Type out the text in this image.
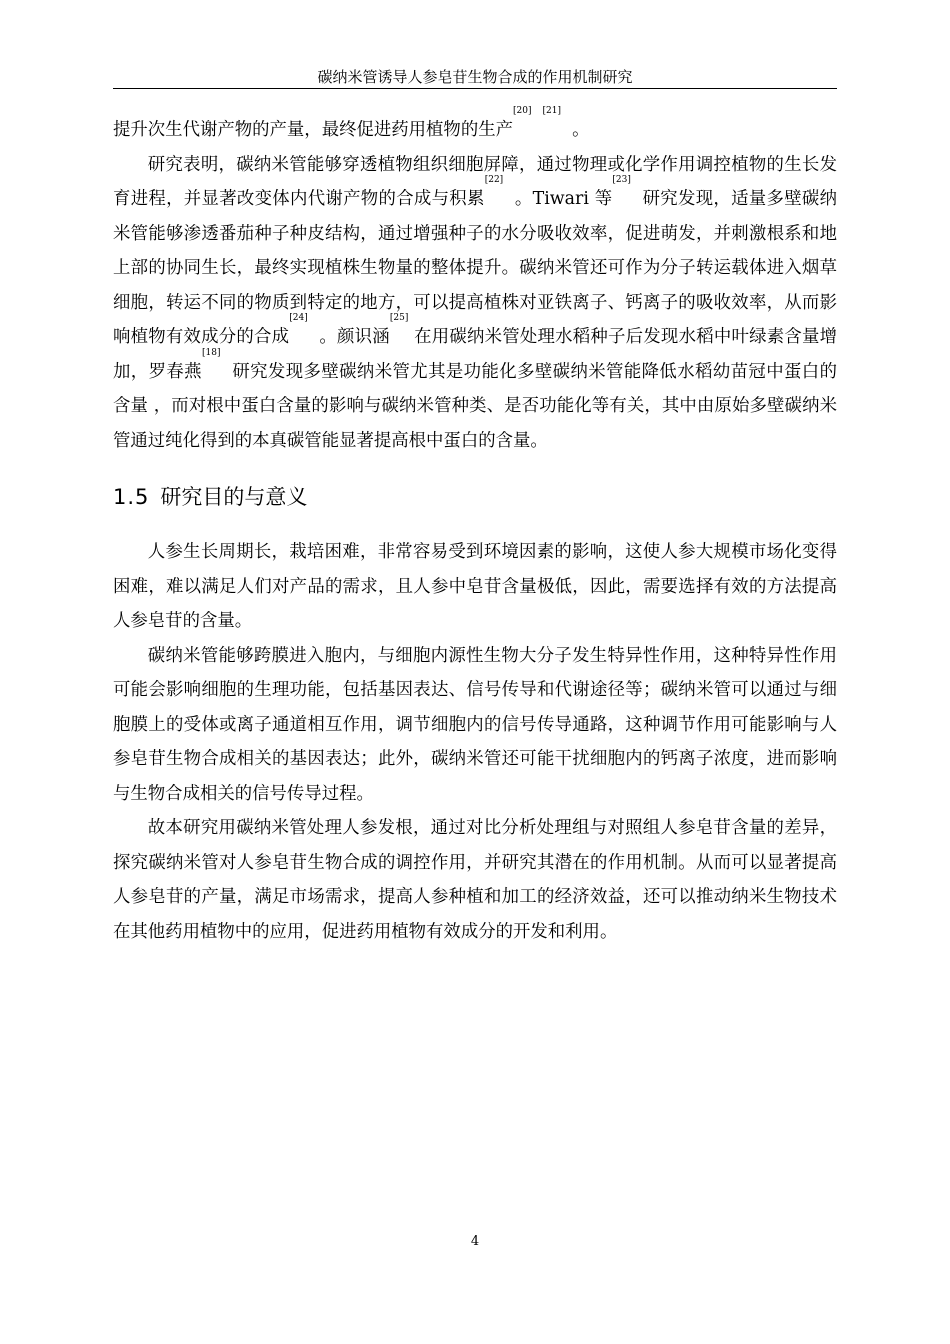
碳纳米管诱导人参皂苷生物合成的作用机制研究

提升次生代谢产物的产量，最终促进药用植物的生产[20] [21]  。

研究表明，碳纳米管能够穿透植物组织细胞屏障，通过物理或化学作用调控植物的生长发育进程，并显著改变体内代谢产物的合成与积累[22]  。Tiwari 等[23]  研究发现，适量多壁碳纳米管能够渗透番茄种子种皮结构，通过增强种子的水分吸收效率，促进萌发，并刺激根系和地上部的协同生长，最终实现植株生物量的整体提升。碳纳米管还可作为分子转运载体进入烟草细胞，转运不同的物质到特定的地方，可以提高植株对亚铁离子、钙离子的吸收效率，从而影响植物有效成分的合成[24]  。颜识涵[25] 在用碳纳米管处理水稻种子后发现水稻中叶绿素含量增加，罗春燕[18]  研究发现多壁碳纳米管尤其是功能化多壁碳纳米管能降低水稻幼苗冠中蛋白的含量 ，而对根中蛋白含量的影响与碳纳米管种类、是否功能化等有关，其中由原始多壁碳纳米管通过纯化得到的本真碳管能显著提高根中蛋白的含量。

1.5 研究目的与意义

人参生长周期长，栽培困难，非常容易受到环境因素的影响，这使人参大规模市场化变得困难，难以满足人们对产品的需求，且人参中皂苷含量极低，因此，需要选择有效的方法提高人参皂苷的含量。

碳纳米管能够跨膜进入胞内，与细胞内源性生物大分子发生特异性作用，这种特异性作用可能会影响细胞的生理功能，包括基因表达、信号传导和代谢途径等；碳纳米管可以通过与细胞膜上的受体或离子通道相互作用，调节细胞内的信号传导通路，这种调节作用可能影响与人参皂苷生物合成相关的基因表达；此外，碳纳米管还可能干扰细胞内的钙离子浓度，进而影响与生物合成相关的信号传导过程。

故本研究用碳纳米管处理人参发根，通过对比分析处理组与对照组人参皂苷含量的差异，探究碳纳米管对人参皂苷生物合成的调控作用，并研究其潜在的作用机制。从而可以显著提高人参皂苷的产量，满足市场需求，提高人参种植和加工的经济效益，还可以推动纳米生物技术在其他药用植物中的应用，促进药用植物有效成分的开发和利用。

4
